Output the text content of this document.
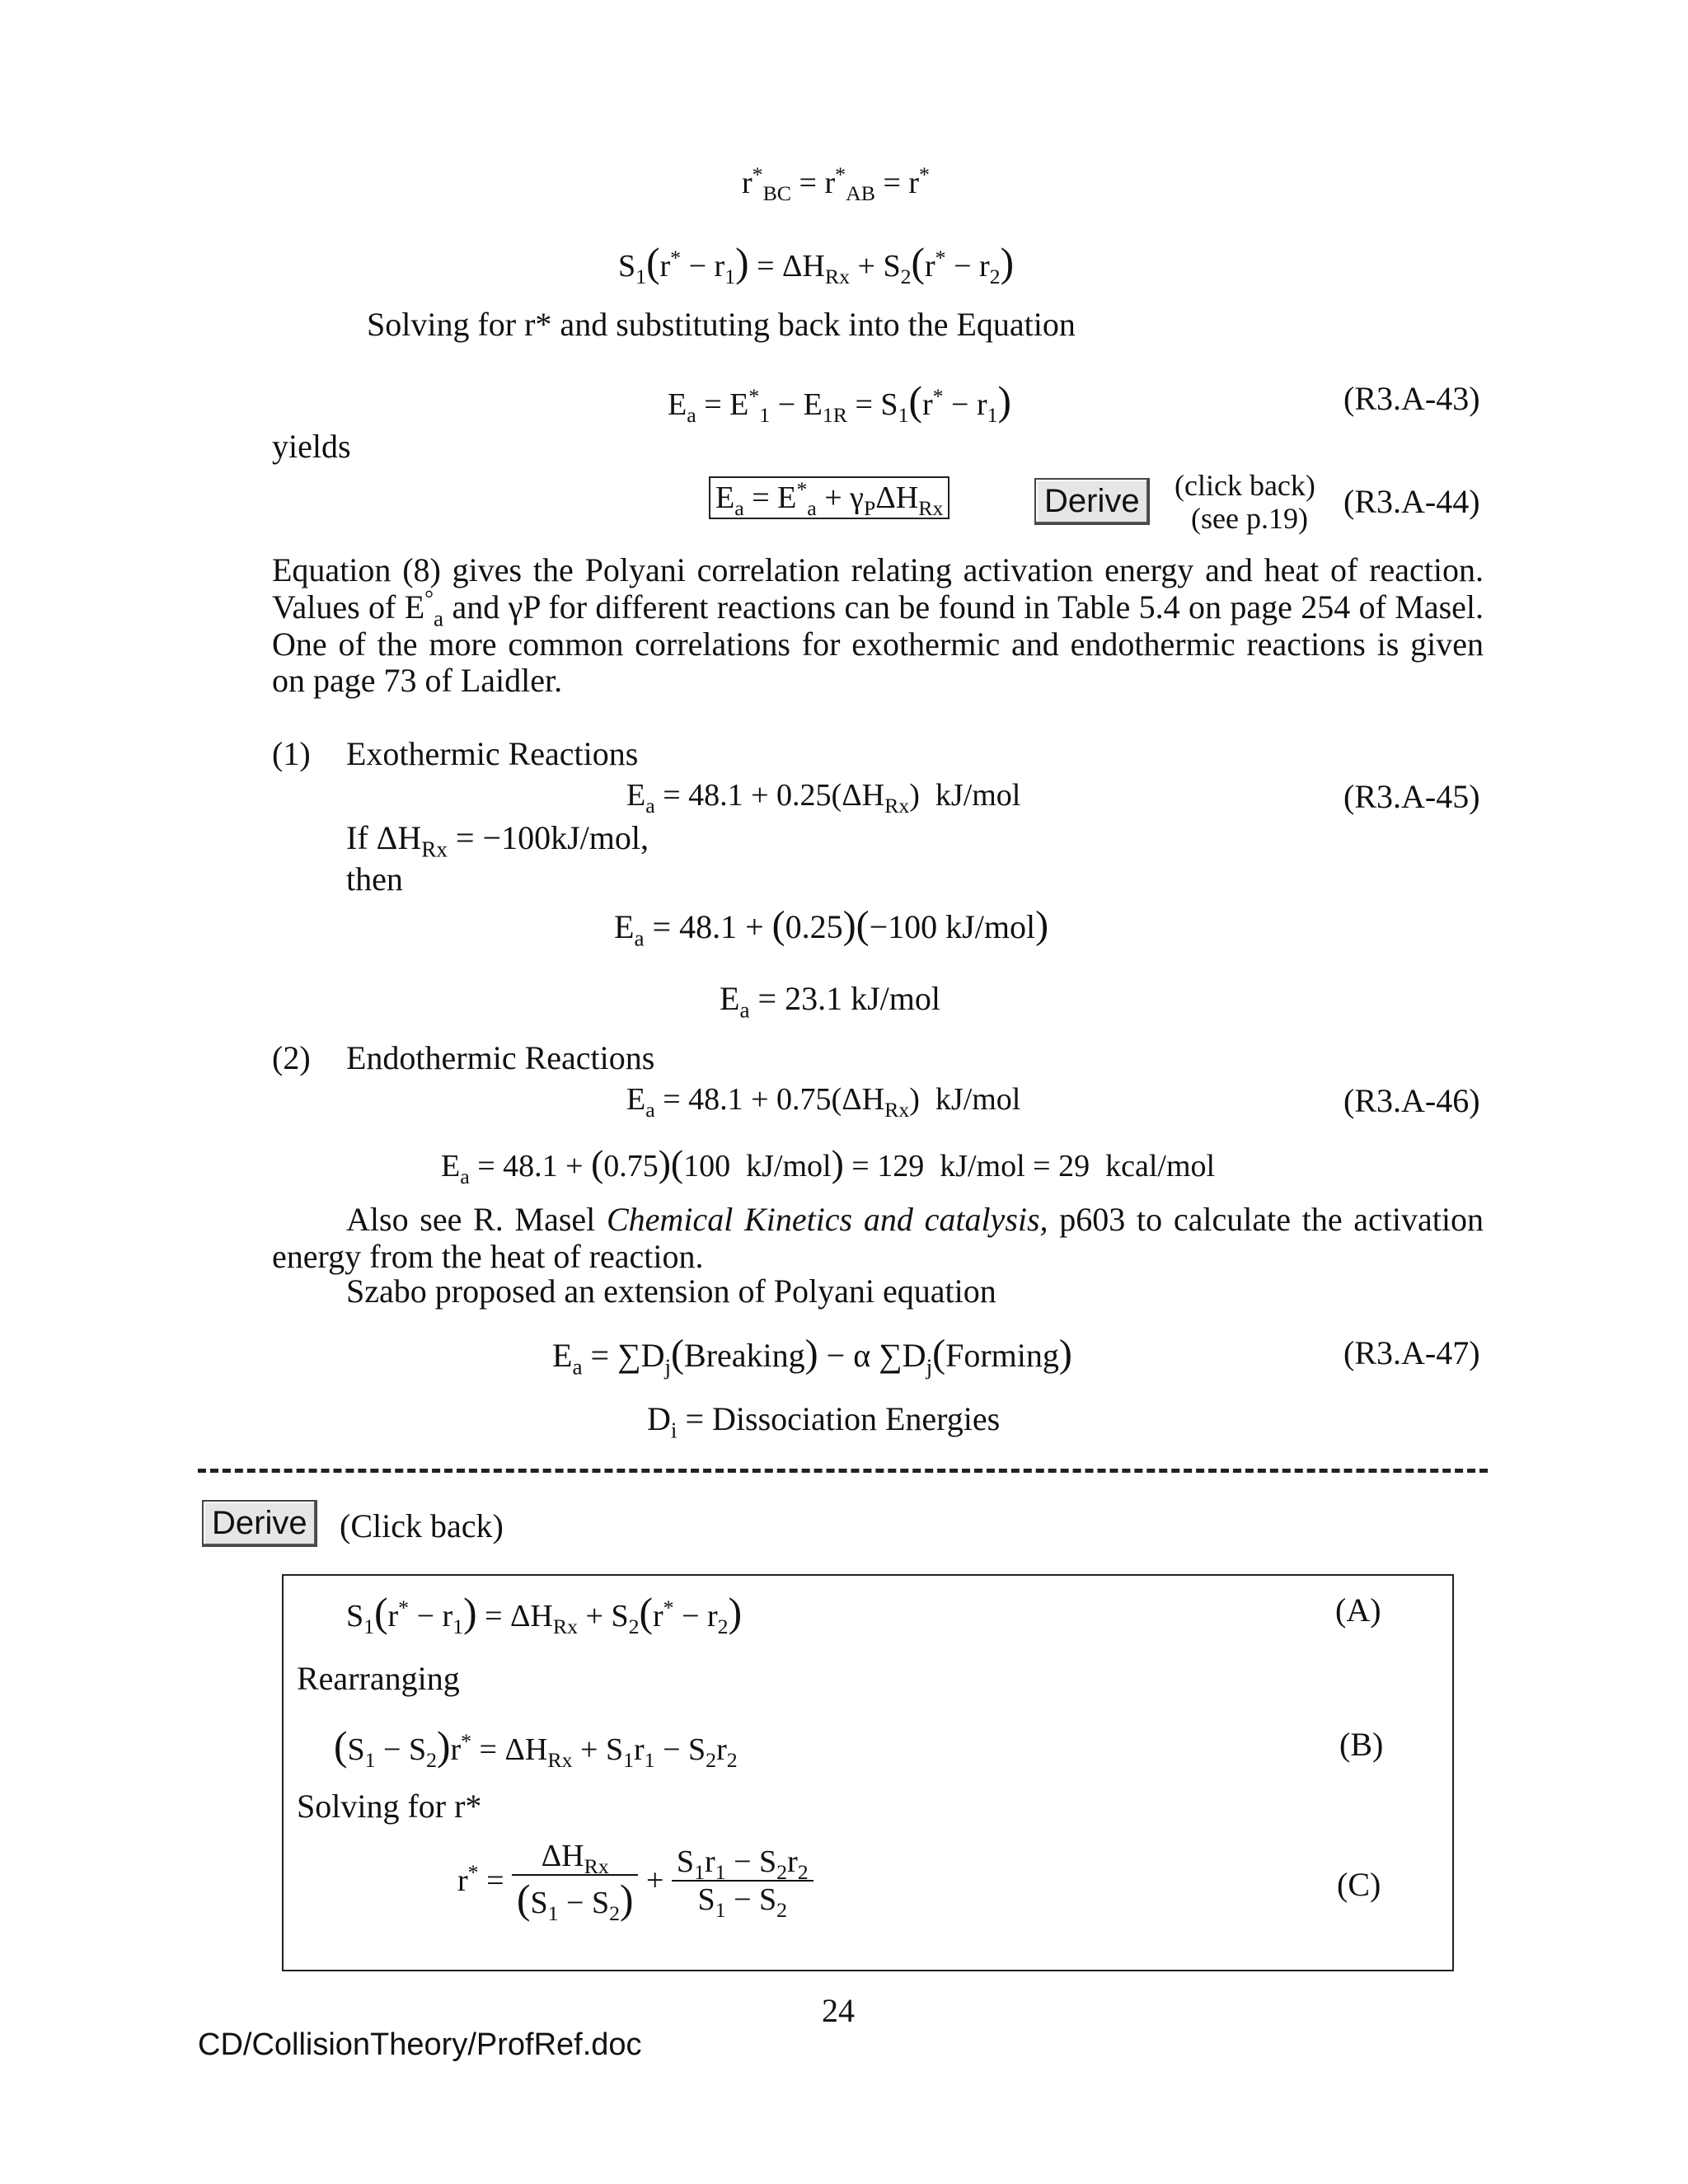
$r^*_{BC} = r^*_{AB} = r^*$
$S_1(r^* - r_1) = \Delta H_{Rx} + S_2(r^* - r_2)$
Solving for r* and substituting back into the Equation
$E_a = E^*_1 - E_{1R} = S_1(r^* - r_1)$	(R3.A-43)
yields
$E_a = E^*_a + \gamma_P\Delta H_{Rx}$	Derive	(click back)
(see p.19) (R3.A-44)
Equation (8) gives the Polyani correlation relating activation energy and heat of reaction. Values of $E^\circ_a$ and γP for different reactions can be found in Table 5.4 on page 254 of Masel. One of the more common correlations for exothermic and endothermic reactions is given on page 73 of Laidler.
(1) Exothermic Reactions
$E_a = 48.1 + 0.25(\Delta H_{Rx})$  kJ/mol	(R3.A-45)
If $\Delta H_{Rx} = -100kJ/mol$,
then
$E_a = 48.1 + (0.25)(-100$ kJ/mol)
$E_a = 23.1$ kJ/mol
(2) Endothermic Reactions
$E_a = 48.1 + 0.75(\Delta H_{Rx})$  kJ/mol	(R3.A-46)
$E_a = 48.1 + (0.75)(100$  kJ/mol) = 129  kJ/mol = 29  kcal/mol
Also see R. Masel Chemical Kinetics and catalysis, p603 to calculate the activation energy from the heat of reaction.
Szabo proposed an extension of Polyani equation
$E_a$ = $\sum D_j(Breaking) - \alpha$ $\sum D_j(Forming)$	(R3.A-47)
$D_i$ = Dissociation Energies
Derive (Click back)
$S_1(r^* - r_1) = \Delta H_{Rx} + S_2(r^* - r_2)$	(A)
Rearranging
$(S_1 - S_2)r^* = \Delta H_{Rx} + S_1r_1 - S_2r_2$	(B)
Solving for r*
$r^* = \frac{\Delta H_{Rx}}{(S_1 - S_2)} + \frac{S_1r_1 - S_2r_2}{S_1 - S_2}$	(C)
24
CD/CollisionTheory/ProfRef.doc
